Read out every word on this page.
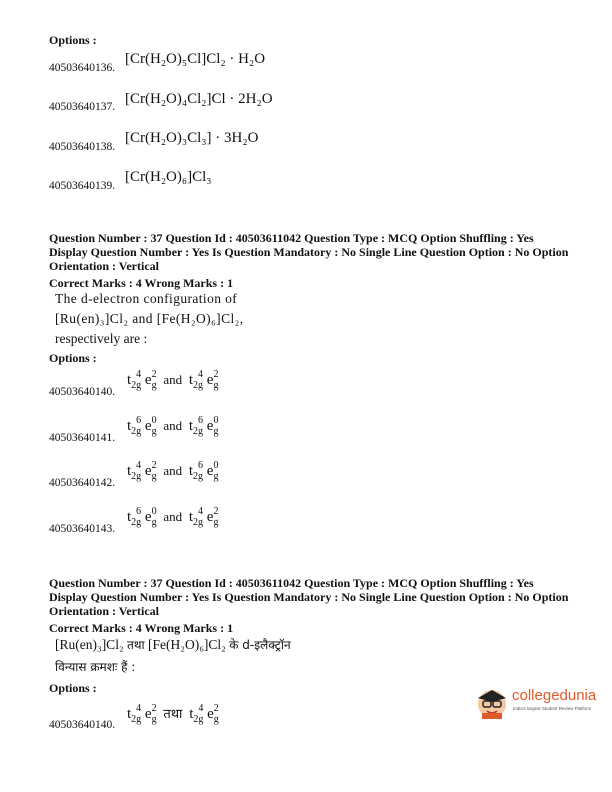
Options :
40503640136.
[Cr(H₂O)₅Cl]Cl₂ · H₂O
40503640137. [Cr(H₂O)₄Cl₂]Cl · 2H₂O
40503640138.
[Cr(H₂O)₃Cl₃] · 3H₂O
40503640139.
[Cr(H₂O)₆]Cl₃
Question Number : 37 Question Id : 40503611042 Question Type : MCQ Option Shuffling : Yes
Display Question Number : Yes Is Question Mandatory : No Single Line Question Option : No Option
Orientation : Vertical
Correct Marks : 4 Wrong Marks : 1
The d-electron configuration of
[Ru(en)₃]Cl₂ and [Fe(H₂O)₆]Cl₂,
respectively are :
Options :
40503640140.
$t_{2g}^4$ $e_g^2$ and $t_{2g}^4$ $e_g^2$
40503640141.
$t_{2g}^6$ $e_g^0$ and $t_{2g}^6$ $e_g^0$
40503640142.
$t_{2g}^4$ $e_g^2$ and $t_{2g}^6$ $e_g^0$
40503640143.
$t_{2g}^6$ $e_g^0$ and $t_{2g}^4$ $e_g^2$
Question Number : 37 Question Id : 40503611042 Question Type : MCQ Option Shuffling : Yes
Display Question Number : Yes Is Question Mandatory : No Single Line Question Option : No Option
Orientation : Vertical
Correct Marks : 4 Wrong Marks : 1
[Ru(en)₃]Cl₂ तथा [Fe(H₂O)₆]Cl₂ के d-इलैक्ट्रॉन
विन्यास क्रमशः हैं :
Options :
40503640140.
$t_{2g}^4$ $e_g^2$ तथा $t_{2g}^4$ $e_g^2$
collegedunia
India's largest Student Review Platform
